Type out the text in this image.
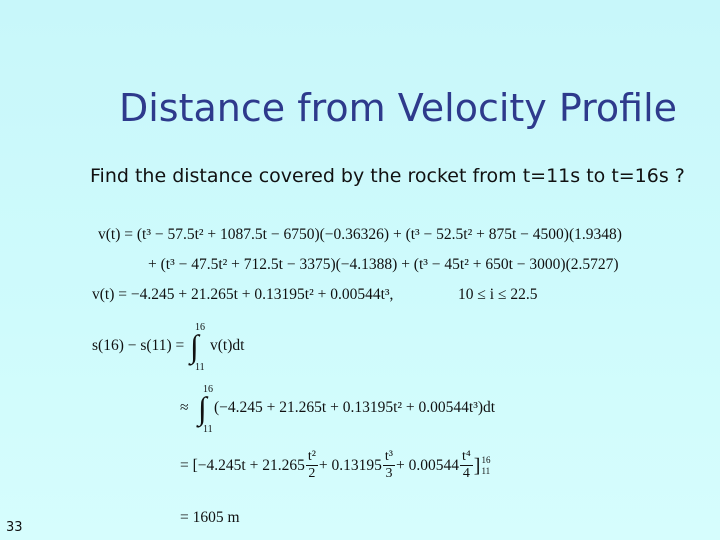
Distance from Velocity Profile
Find the distance covered by the rocket from t=11s to t=16s ?
v(t) = (t³ − 57.5t² + 1087.5t − 6750)(−0.36326) + (t³ − 52.5t² + 875t − 4500)(1.9348)
+ (t³ − 47.5t² + 712.5t − 3375)(−4.1388) + (t³ − 45t² + 650t − 3000)(2.5727)
v(t) = −4.245 + 21.265t + 0.13195t² + 0.00544t³,	10 ≤ i ≤ 22.5
s(16) − s(11) =
16
∫
11
v(t)dt
≈
16
∫
11
(−4.245 + 21.265t + 0.13195t² + 0.00544t³)dt
= [$-4.245t + 21.265 \frac{\text{t²}}{2} + 0.13195 \frac{\text{t³}}{3} + 0.00544 \frac{\text{t⁴}}{4}$ ] 16
11
= 1605 m
33
